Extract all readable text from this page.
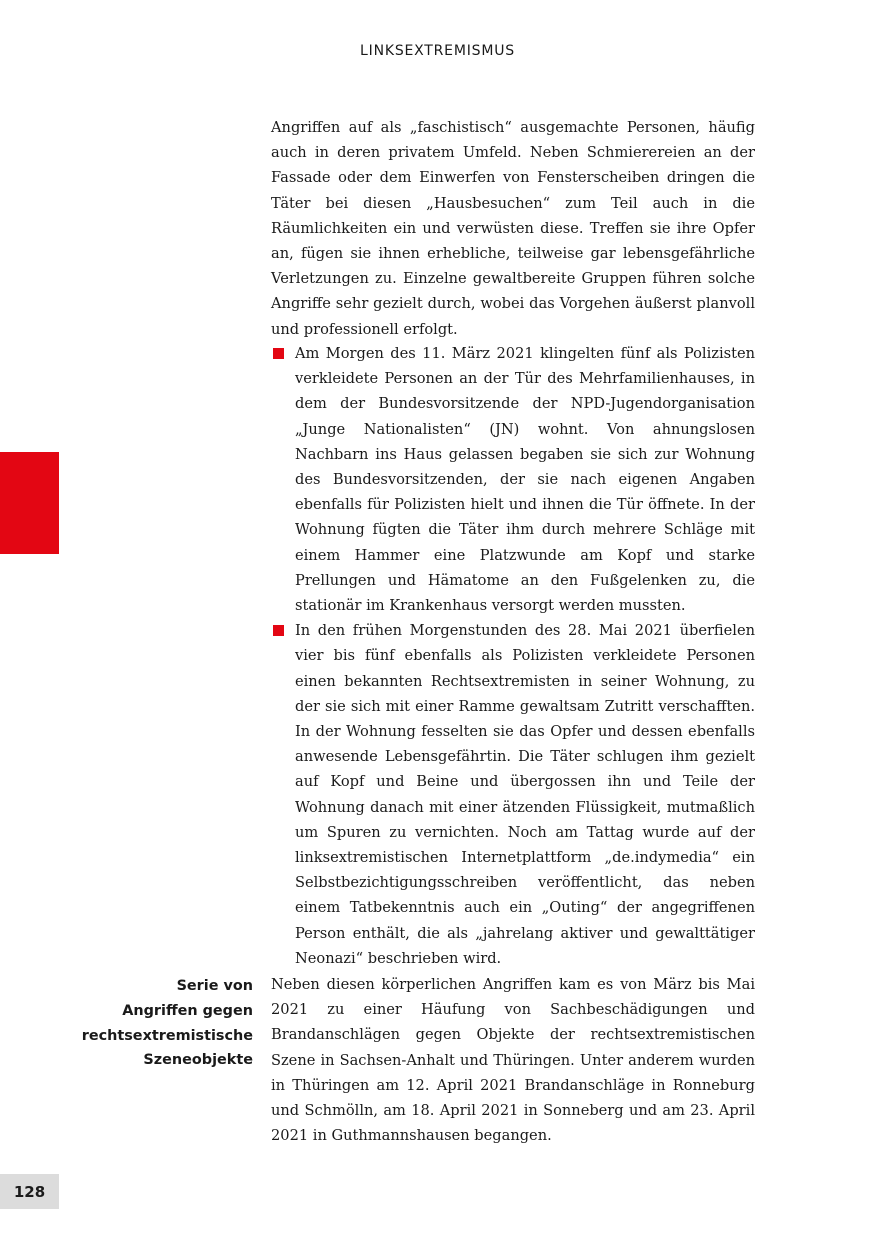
LINKSEXTREMISMUS

Angriffen auf als „faschistisch“ ausgemachte Personen, häufig auch in deren privatem Umfeld. Neben Schmierereien an der Fassade oder dem Einwerfen von Fensterscheiben dringen die Täter bei diesen „Hausbesuchen“ zum Teil auch in die Räumlichkeiten ein und verwüsten diese. Treffen sie ihre Opfer an, fügen sie ihnen erhebliche, teilweise gar lebensgefährliche Verletzungen zu. Einzelne gewaltbereite Gruppen führen solche Angriffe sehr gezielt durch, wobei das Vorgehen äußerst planvoll und professionell erfolgt.

Am Morgen des 11. März 2021 klingelten fünf als Polizisten verkleidete Personen an der Tür des Mehrfamilienhauses, in dem der Bundesvorsitzende der NPD-Jugendorganisation „Junge Nationalisten“ (JN) wohnt. Von ahnungslosen Nachbarn ins Haus gelassen begaben sie sich zur Wohnung des Bundesvorsitzenden, der sie nach eigenen Angaben ebenfalls für Polizisten hielt und ihnen die Tür öffnete. In der Wohnung fügten die Täter ihm durch mehrere Schläge mit einem Hammer eine Platzwunde am Kopf und starke Prellungen und Hämatome an den Fußgelenken zu, die stationär im Krankenhaus versorgt werden mussten.
In den frühen Morgenstunden des 28. Mai 2021 überfielen vier bis fünf ebenfalls als Polizisten verkleidete Personen einen bekannten Rechtsextremisten in seiner Wohnung, zu der sie sich mit einer Ramme gewaltsam Zutritt verschafften. In der Wohnung fesselten sie das Opfer und dessen ebenfalls anwesende Lebensgefährtin. Die Täter schlugen ihm gezielt auf Kopf und Beine und übergossen ihn und Teile der Wohnung danach mit einer ätzenden Flüssigkeit, mutmaßlich um Spuren zu vernichten. Noch am Tattag wurde auf der linksextremistischen Internetplattform „de.indymedia“ ein Selbstbezichtigungsschreiben veröffentlicht, das neben einem Tatbekenntnis auch ein „Outing“ der angegriffenen Person enthält, die als „jahrelang aktiver und gewalttätiger Neonazi“ beschrieben wird.
Serie von
Angriffen gegen
rechtsextremistische
Szeneobjekte

Neben diesen körperlichen Angriffen kam es von März bis Mai 2021 zu einer Häufung von Sachbeschädigungen und Brandanschlägen gegen Objekte der rechtsextremistischen Szene in Sachsen-Anhalt und Thüringen. Unter anderem wurden in Thüringen am 12. April 2021 Brandanschläge in Ronneburg und Schmölln, am 18. April 2021 in Sonneberg und am 23. April 2021 in Guthmannshausen begangen.

128
